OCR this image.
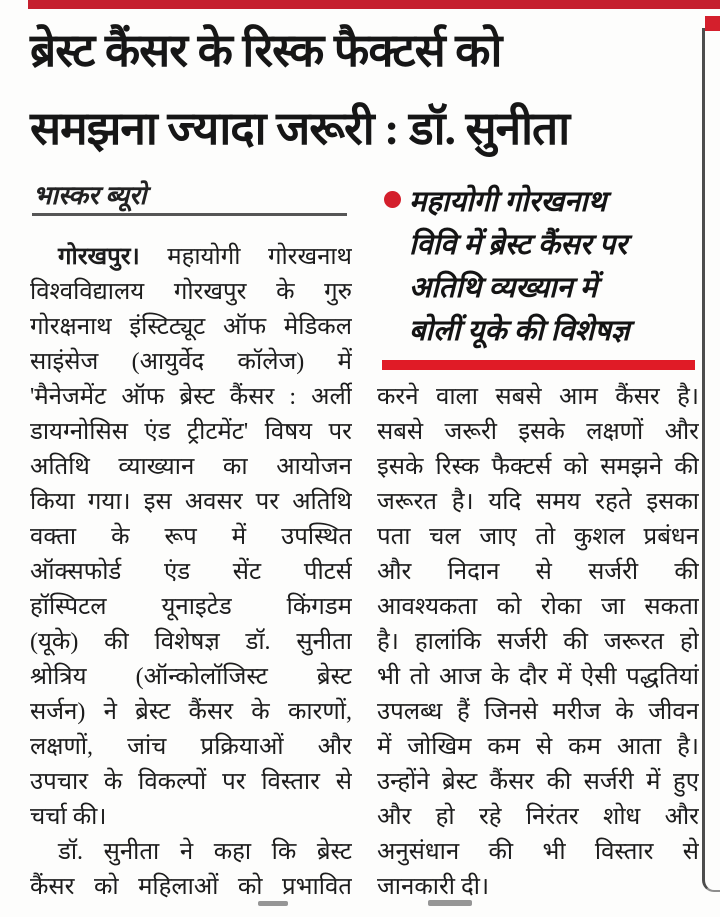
ब्रेस्ट कैंसर के रिस्क फैक्टर्स को
समझना ज्यादा जरूरी : डॉ. सुनीता
भास्कर ब्यूरो	महायोगी गोरखनाथ
विवि में ब्रेस्ट कैंसर पर
अतिथि व्यख्यान में
बोलीं यूके की विशेषज्ञ
गोरखपुर। महायोगी गोरखनाथ
विश्वविद्यालय गोरखपुर के गुरु
गोरक्षनाथ इंस्टिट्यूट ऑफ मेडिकल
साइंसेज (आयुर्वेद कॉलेज) में
'मैनेजमेंट ऑफ ब्रेस्ट कैंसर : अर्ली
डायग्नोसिस एंड ट्रीटमेंट' विषय पर
अतिथि व्याख्यान का आयोजन
किया गया। इस अवसर पर अतिथि
वक्ता के रूप में उपस्थित
ऑक्सफोर्ड एंड सेंट पीटर्स
हॉस्पिटल यूनाइटेड किंगडम
(यूके) की विशेषज्ञ डॉ. सुनीता
श्रोत्रिय (ऑन्कोलॉजिस्ट ब्रेस्ट
सर्जन) ने ब्रेस्ट कैंसर के कारणों,
लक्षणों, जांच प्रक्रियाओं और
उपचार के विकल्पों पर विस्तार से
चर्चा की।
डॉ. सुनीता ने कहा कि ब्रेस्ट
कैंसर को महिलाओं को प्रभावित
करने वाला सबसे आम कैंसर है।
सबसे जरूरी इसके लक्षणों और
इसके रिस्क फैक्टर्स को समझने की
जरूरत है। यदि समय रहते इसका
पता चल जाए तो कुशल प्रबंधन
और निदान से सर्जरी की
आवश्यकता को रोका जा सकता
है। हालांकि सर्जरी की जरूरत हो
भी तो आज के दौर में ऐसी पद्धतियां
उपलब्ध हैं जिनसे मरीज के जीवन
में जोखिम कम से कम आता है।
उन्होंने ब्रेस्ट कैंसर की सर्जरी में हुए
और हो रहे निरंतर शोध और
अनुसंधान की भी विस्तार से
जानकारी दी।
